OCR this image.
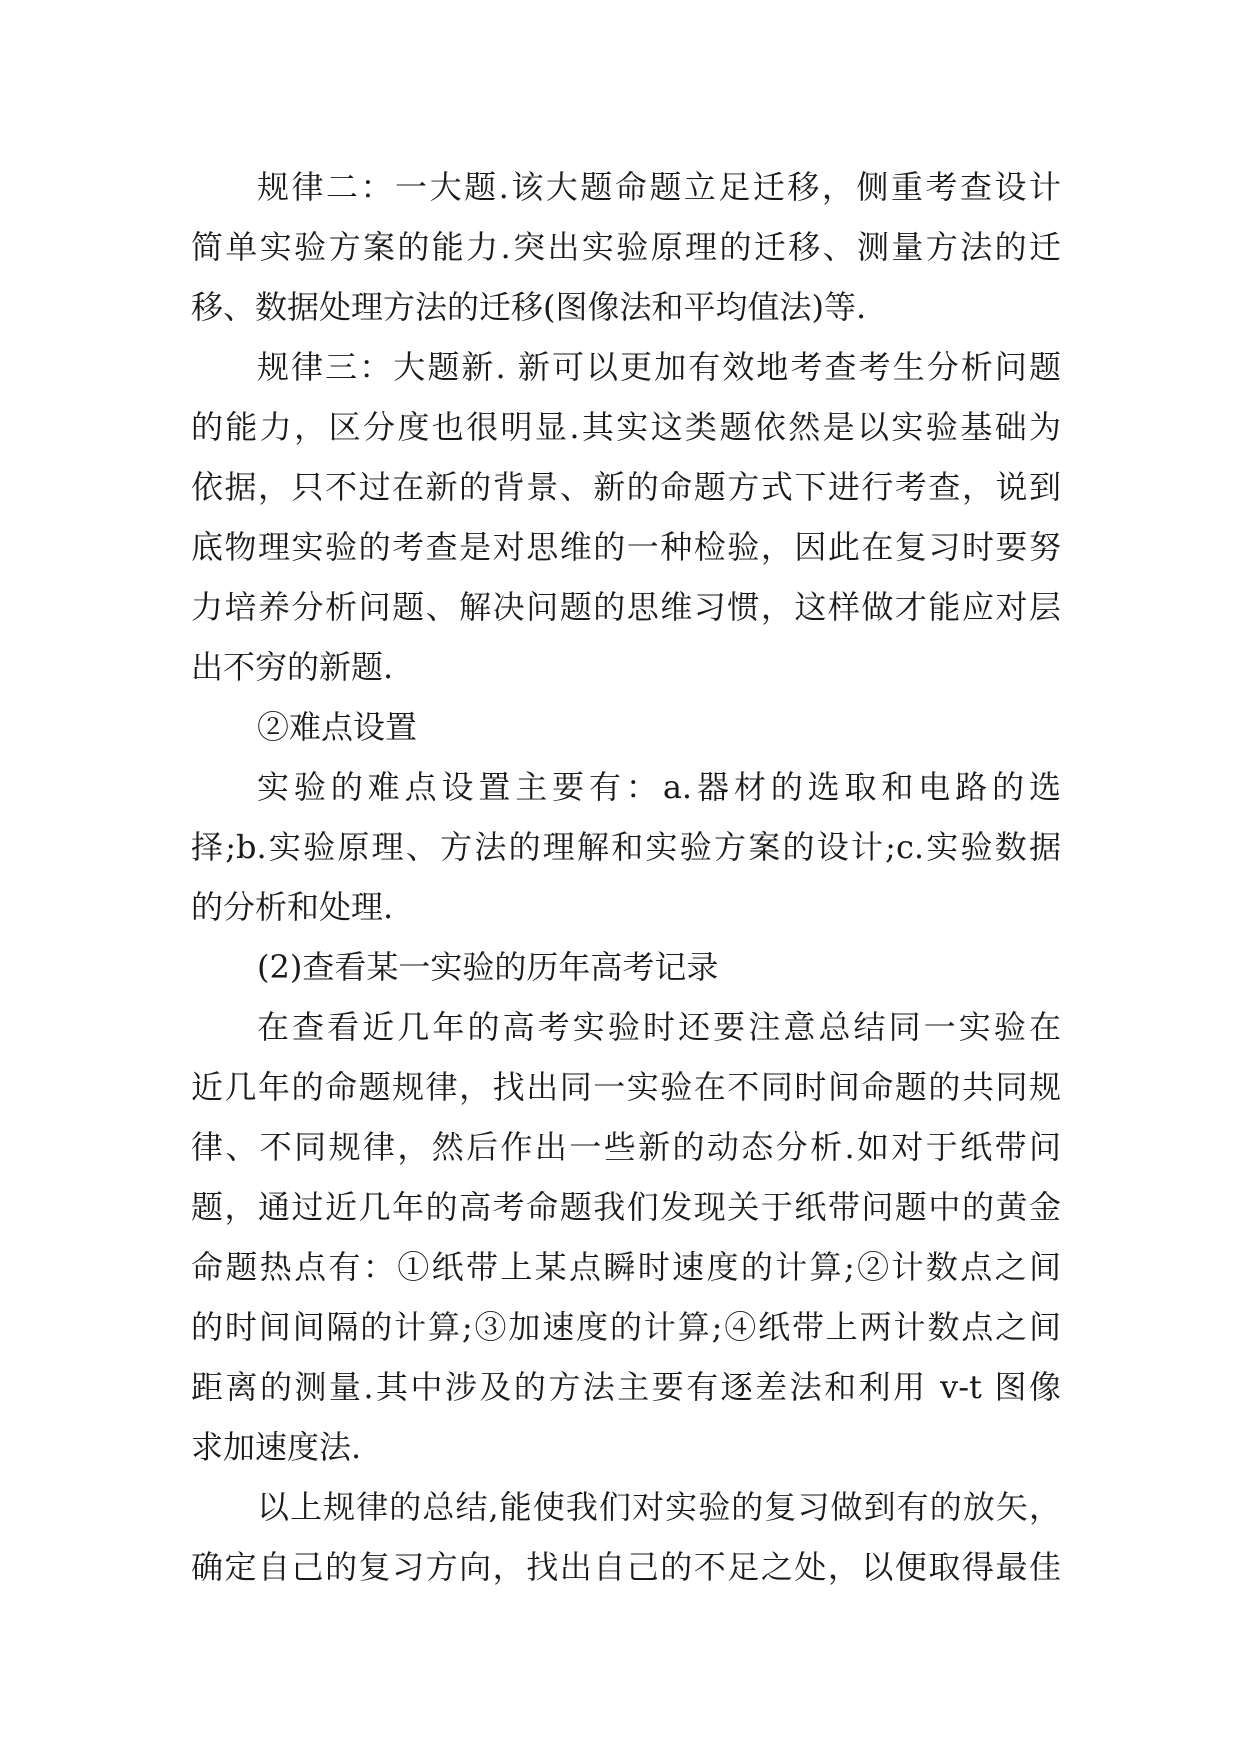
规律二：一大题.该大题命题立足迁移，侧重考查设计
简单实验方案的能力.突出实验原理的迁移、测量方法的迁
移、数据处理方法的迁移(图像法和平均值法)等.
规律三：大题新. 新可以更加有效地考查考生分析问题
的能力，区分度也很明显.其实这类题依然是以实验基础为
依据，只不过在新的背景、新的命题方式下进行考查，说到
底物理实验的考查是对思维的一种检验，因此在复习时要努
力培养分析问题、解决问题的思维习惯，这样做才能应对层
出不穷的新题.
②难点设置
实验的难点设置主要有：a.器材的选取和电路的选
择;b.实验原理、方法的理解和实验方案的设计;c.实验数据
的分析和处理.
(2)查看某一实验的历年高考记录
在查看近几年的高考实验时还要注意总结同一实验在
近几年的命题规律，找出同一实验在不同时间命题的共同规
律、不同规律，然后作出一些新的动态分析.如对于纸带问
题，通过近几年的高考命题我们发现关于纸带问题中的黄金
命题热点有：①纸带上某点瞬时速度的计算;②计数点之间
的时间间隔的计算;③加速度的计算;④纸带上两计数点之间
距离的测量.其中涉及的方法主要有逐差法和利用 v-t 图像
求加速度法.
以上规律的总结,能使我们对实验的复习做到有的放矢，
确定自己的复习方向，找出自己的不足之处，以便取得最佳
